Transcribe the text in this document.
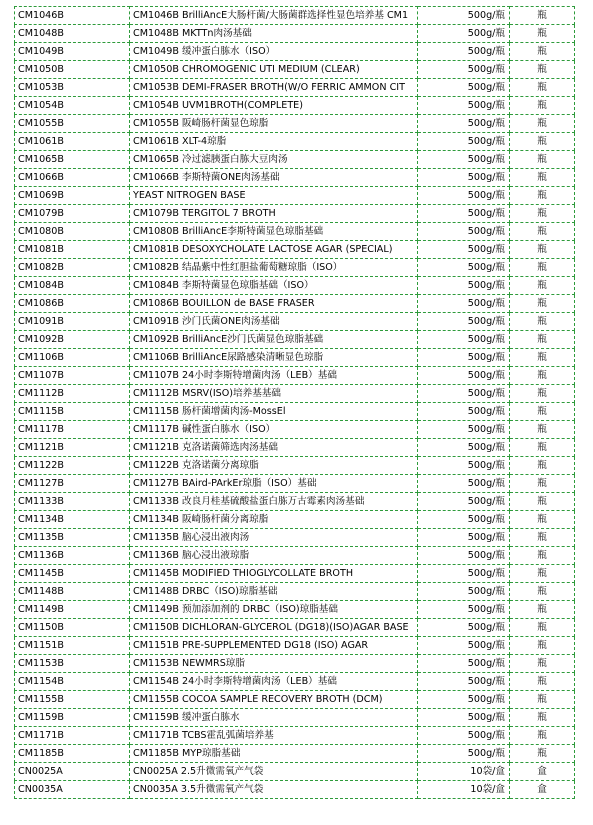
CM1046B	CM1046B BrilliAncE大肠杆菌/大肠菌群选择性显色培养基 CM1	500g/瓶	瓶
CM1048B	CM1048B MKTTn肉汤基础	500g/瓶	瓶
CM1049B	CM1049B 缓冲蛋白胨水（ISO）	500g/瓶	瓶
CM1050B	CM1050B CHROMOGENIC UTI MEDIUM (CLEAR)	500g/瓶	瓶
CM1053B	CM1053B DEMI-FRASER BROTH(W/O FERRIC AMMON CIT	500g/瓶	瓶
CM1054B	CM1054B UVM1BROTH(COMPLETE)	500g/瓶	瓶
CM1055B	CM1055B 阪崎肠杆菌显色琼脂	500g/瓶	瓶
CM1061B	CM1061B XLT-4琼脂	500g/瓶	瓶
CM1065B	CM1065B 冷过滤胰蛋白胨大豆肉汤	500g/瓶	瓶
CM1066B	CM1066B 李斯特菌ONE肉汤基础	500g/瓶	瓶
CM1069B	YEAST NITROGEN BASE	500g/瓶	瓶
CM1079B	CM1079B TERGITOL 7 BROTH	500g/瓶	瓶
CM1080B	CM1080B BrilliAncE李斯特菌显色琼脂基础	500g/瓶	瓶
CM1081B	CM1081B DESOXYCHOLATE LACTOSE AGAR (SPECIAL)	500g/瓶	瓶
CM1082B	CM1082B 结晶紫中性红胆盐葡萄糖琼脂（ISO）	500g/瓶	瓶
CM1084B	CM1084B 李斯特菌显色琼脂基础（ISO）	500g/瓶	瓶
CM1086B	CM1086B BOUILLON de BASE FRASER	500g/瓶	瓶
CM1091B	CM1091B 沙门氏菌ONE肉汤基础	500g/瓶	瓶
CM1092B	CM1092B BrilliAncE沙门氏菌显色琼脂基础	500g/瓶	瓶
CM1106B	CM1106B BrilliAncE尿路感染清晰显色琼脂	500g/瓶	瓶
CM1107B	CM1107B 24小时李斯特增菌肉汤（LEB）基础	500g/瓶	瓶
CM1112B	CM1112B MSRV(ISO)培养基基础	500g/瓶	瓶
CM1115B	CM1115B 肠杆菌增菌肉汤-MossEl	500g/瓶	瓶
CM1117B	CM1117B 碱性蛋白胨水（ISO）	500g/瓶	瓶
CM1121B	CM1121B 克洛诺菌筛选肉汤基础	500g/瓶	瓶
CM1122B	CM1122B 克洛诺菌分离琼脂	500g/瓶	瓶
CM1127B	CM1127B BAird-PArkEr琼脂（ISO）基础	500g/瓶	瓶
CM1133B	CM1133B 改良月桂基硫酸盐蛋白胨万古霉素肉汤基础	500g/瓶	瓶
CM1134B	CM1134B 阪崎肠杆菌分离琼脂	500g/瓶	瓶
CM1135B	CM1135B 脑心浸出液肉汤	500g/瓶	瓶
CM1136B	CM1136B 脑心浸出液琼脂	500g/瓶	瓶
CM1145B	CM1145B MODIFIED THIOGLYCOLLATE BROTH	500g/瓶	瓶
CM1148B	CM1148B DRBC（ISO)琼脂基础	500g/瓶	瓶
CM1149B	CM1149B 预加添加剂的 DRBC（ISO)琼脂基础	500g/瓶	瓶
CM1150B	CM1150B DICHLORAN-GLYCEROL (DG18)(ISO)AGAR BASE	500g/瓶	瓶
CM1151B	CM1151B PRE-SUPPLEMENTED DG18 (ISO) AGAR	500g/瓶	瓶
CM1153B	CM1153B NEWMRS琼脂	500g/瓶	瓶
CM1154B	CM1154B 24小时李斯特增菌肉汤（LEB）基础	500g/瓶	瓶
CM1155B	CM1155B COCOA SAMPLE RECOVERY BROTH (DCM)	500g/瓶	瓶
CM1159B	CM1159B 缓冲蛋白胨水	500g/瓶	瓶
CM1171B	CM1171B TCBS霍乱弧菌培养基	500g/瓶	瓶
CM1185B	CM1185B MYP琼脂基础	500g/瓶	瓶
CN0025A	CN0025A 2.5升微需氧产气袋	10袋/盒	盒
CN0035A	CN0035A 3.5升微需氧产气袋	10袋/盒	盒
